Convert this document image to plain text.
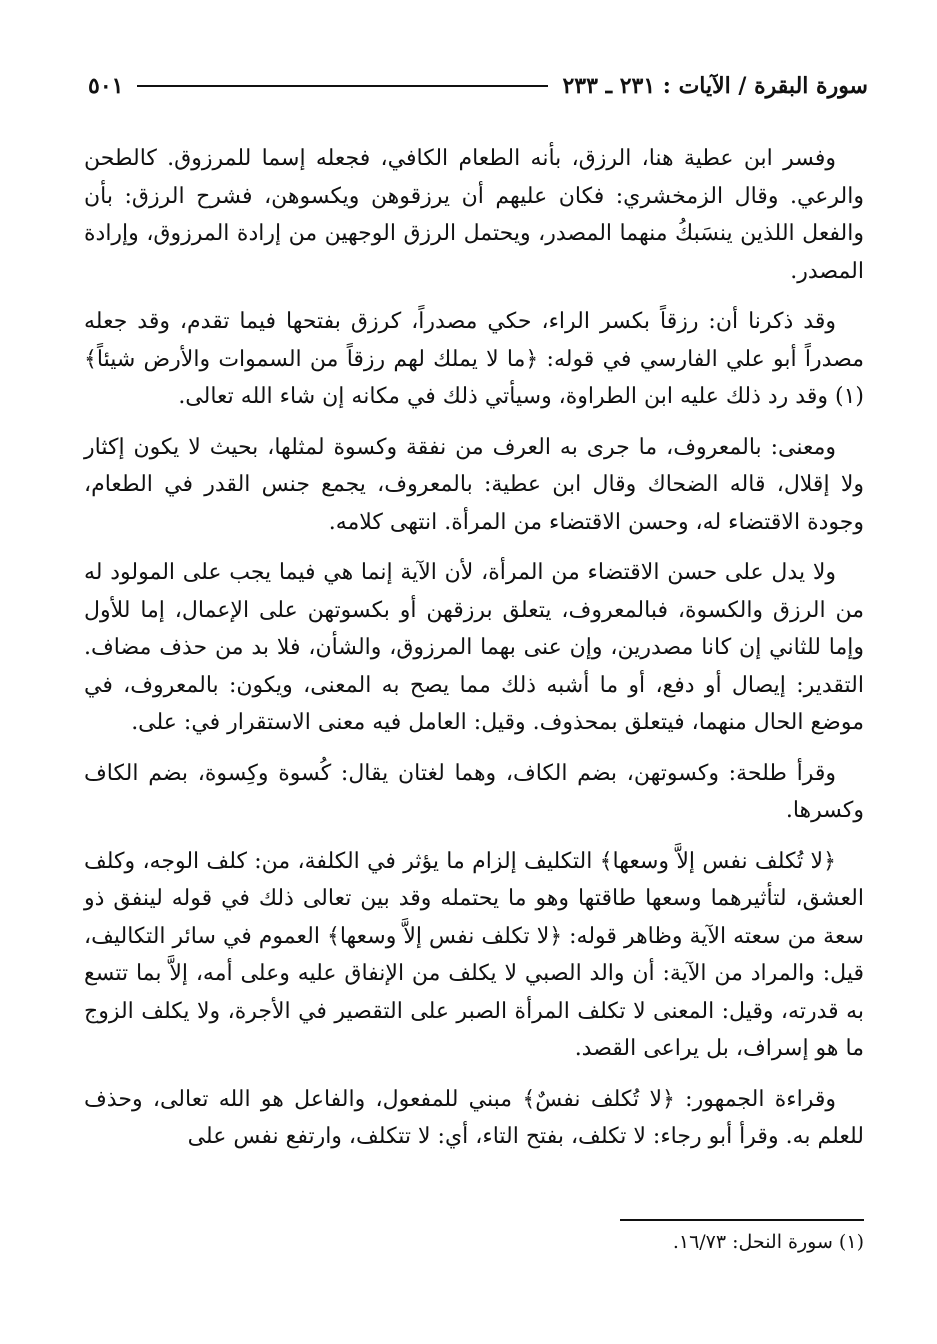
سورة البقرة / الآيات : ٢٣١ ـ ٢٣٣
٥٠١

وفسر ابن عطية هنا، الرزق، بأنه الطعام الكافي، فجعله إسما للمرزوق. كالطحن والرعي. وقال الزمخشري: فكان عليهم أن يرزقوهن ويكسوهن، فشرح الرزق: بأن والفعل اللذين ينسَبكُ منهما المصدر، ويحتمل الرزق الوجهين من إرادة المرزوق، وإرادة المصدر.

وقد ذكرنا أن: رزقاً بكسر الراء، حكي مصدراً، كرزق بفتحها فيما تقدم، وقد جعله مصدراً أبو علي الفارسي في قوله: ﴿ما لا يملك لهم رزقاً من السموات والأرض شيئاً﴾(١) وقد رد ذلك عليه ابن الطراوة، وسيأتي ذلك في مكانه إن شاء الله تعالى.

ومعنى: بالمعروف، ما جرى به العرف من نفقة وكسوة لمثلها، بحيث لا يكون إكثار ولا إقلال، قاله الضحاك وقال ابن عطية: بالمعروف، يجمع جنس القدر في الطعام، وجودة الاقتضاء له، وحسن الاقتضاء من المرأة. انتهى كلامه.

ولا يدل على حسن الاقتضاء من المرأة، لأن الآية إنما هي فيما يجب على المولود له من الرزق والكسوة، فبالمعروف، يتعلق برزقهن أو بكسوتهن على الإعمال، إما للأول وإما للثاني إن كانا مصدرين، وإن عنى بهما المرزوق، والشأن، فلا بد من حذف مضاف. التقدير: إيصال أو دفع، أو ما أشبه ذلك مما يصح به المعنى، ويكون: بالمعروف، في موضع الحال منهما، فيتعلق بمحذوف. وقيل: العامل فيه معنى الاستقرار في: على.

وقرأ طلحة: وكسوتهن، بضم الكاف، وهما لغتان يقال: كُسوة وكِسوة، بضم الكاف وكسرها.

﴿لا تُكلف نفس إلاَّ وسعها﴾ التكليف إلزام ما يؤثر في الكلفة، من: كلف الوجه، وكلف العشق، لتأثيرهما وسعها طاقتها وهو ما يحتمله وقد بين تعالى ذلك في قوله لينفق ذو سعة من سعته الآية وظاهر قوله: ﴿لا تكلف نفس إلاَّ وسعها﴾ العموم في سائر التكاليف، قيل: والمراد من الآية: أن والد الصبي لا يكلف من الإنفاق عليه وعلى أمه، إلاَّ بما تتسع به قدرته، وقيل: المعنى لا تكلف المرأة الصبر على التقصير في الأجرة، ولا يكلف الزوج ما هو إسراف، بل يراعى القصد.

وقراءة الجمهور: ﴿لا تُكلف نفسٌ﴾ مبني للمفعول، والفاعل هو الله تعالى، وحذف للعلم به. وقرأ أبو رجاء: لا تكلف، بفتح التاء، أي: لا تتكلف، وارتفع نفس على

(١) سورة النحل: ١٦/٧٣.
